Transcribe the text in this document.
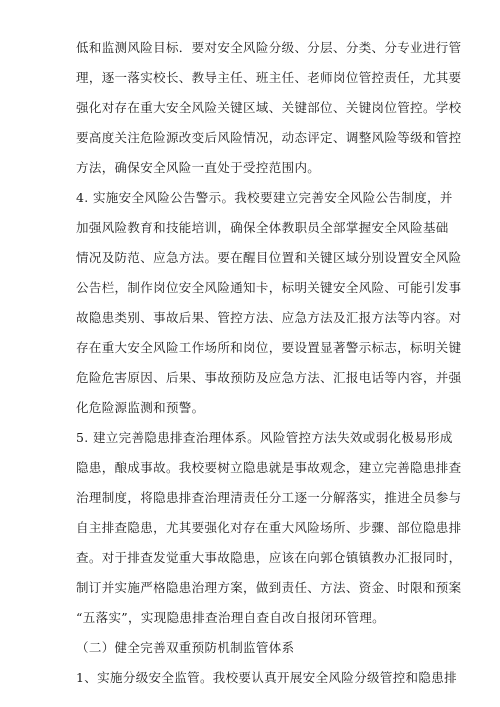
低和监测风险目标．要对安全风险分级、分层、分类、分专业进行管
理，逐一落实校长、教导主任、班主任、老师岗位管控责任，尤其要
强化对存在重大安全风险关键区域、关键部位、关键岗位管控。学校
要高度关注危险源改变后风险情况，动态评定、调整风险等级和管控
方法，确保安全风险一直处于受控范围内。
4. 实施安全风险公告警示。我校要建立完善安全风险公告制度，并
加强风险教育和技能培训，确保全体教职员全部掌握安全风险基础
情况及防范、应急方法。要在醒目位置和关键区域分别设置安全风险
公告栏，制作岗位安全风险通知卡，标明关键安全风险、可能引发事
故隐患类别、事故后果、管控方法、应急方法及汇报方法等内容。对
存在重大安全风险工作场所和岗位，要设置显著警示标志，标明关键
危险危害原因、后果、事故预防及应急方法、汇报电话等内容，并强
化危险源监测和预警。
5. 建立完善隐患排查治理体系。风险管控方法失效或弱化极易形成
隐患，酿成事故。我校要树立隐患就是事故观念，建立完善隐患排查
治理制度，将隐患排查治理清责任分工逐一分解落实，推进全员参与
自主排查隐患，尤其要强化对存在重大风险场所、步骤、部位隐患排
查。对于排查发觉重大事故隐患，应该在向郭仓镇镇教办汇报同时，
制订并实施严格隐患治理方案，做到责任、方法、资金、时限和预案
“五落实”，实现隐患排查治理自查自改自报闭环管理。
（二）健全完善双重预防机制监管体系
1、实施分级安全监管。我校要认真开展安全风险分级管控和隐患排
